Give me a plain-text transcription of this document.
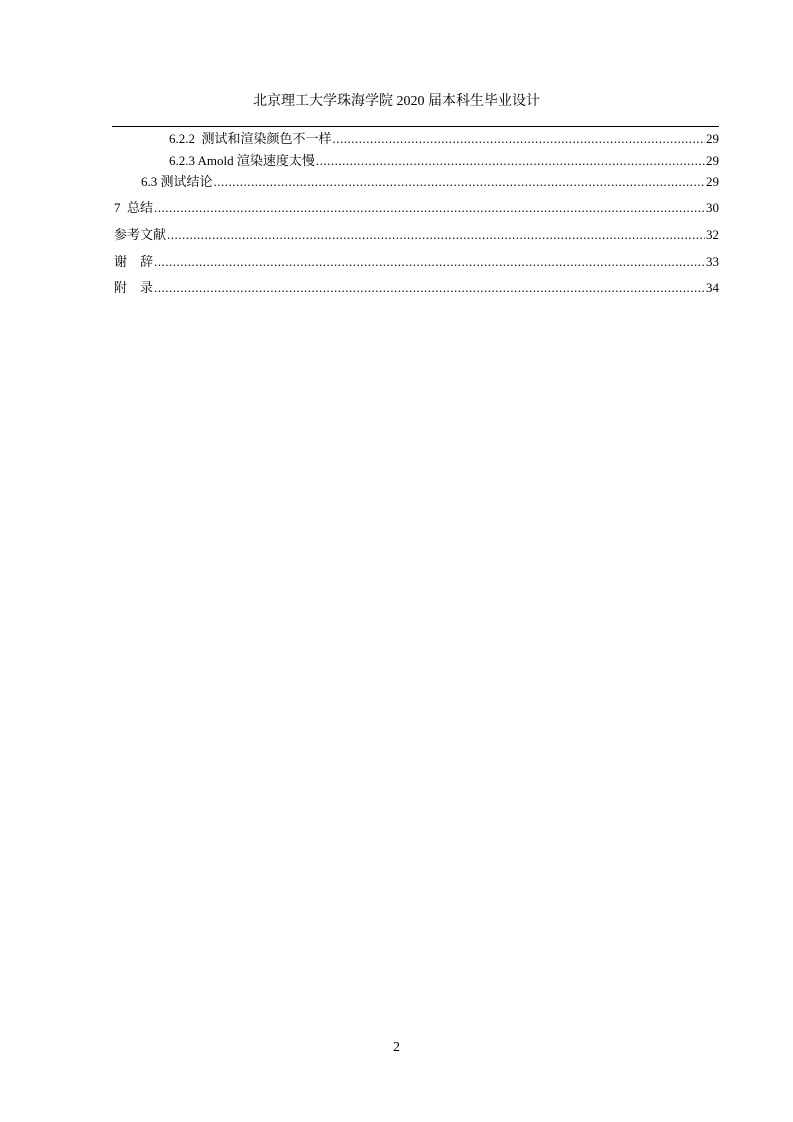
北京理工大学珠海学院 2020 届本科生毕业设计
6.2.2  测试和渲染颜色不一样 .....	29
6.2.3 Amold 渲染速度太慢 .....	29
6.3 测试结论 .....	29
7  总结 .....	30
参考文献 .....	32
谢    辞 .....	33
附    录 .....	34
2
